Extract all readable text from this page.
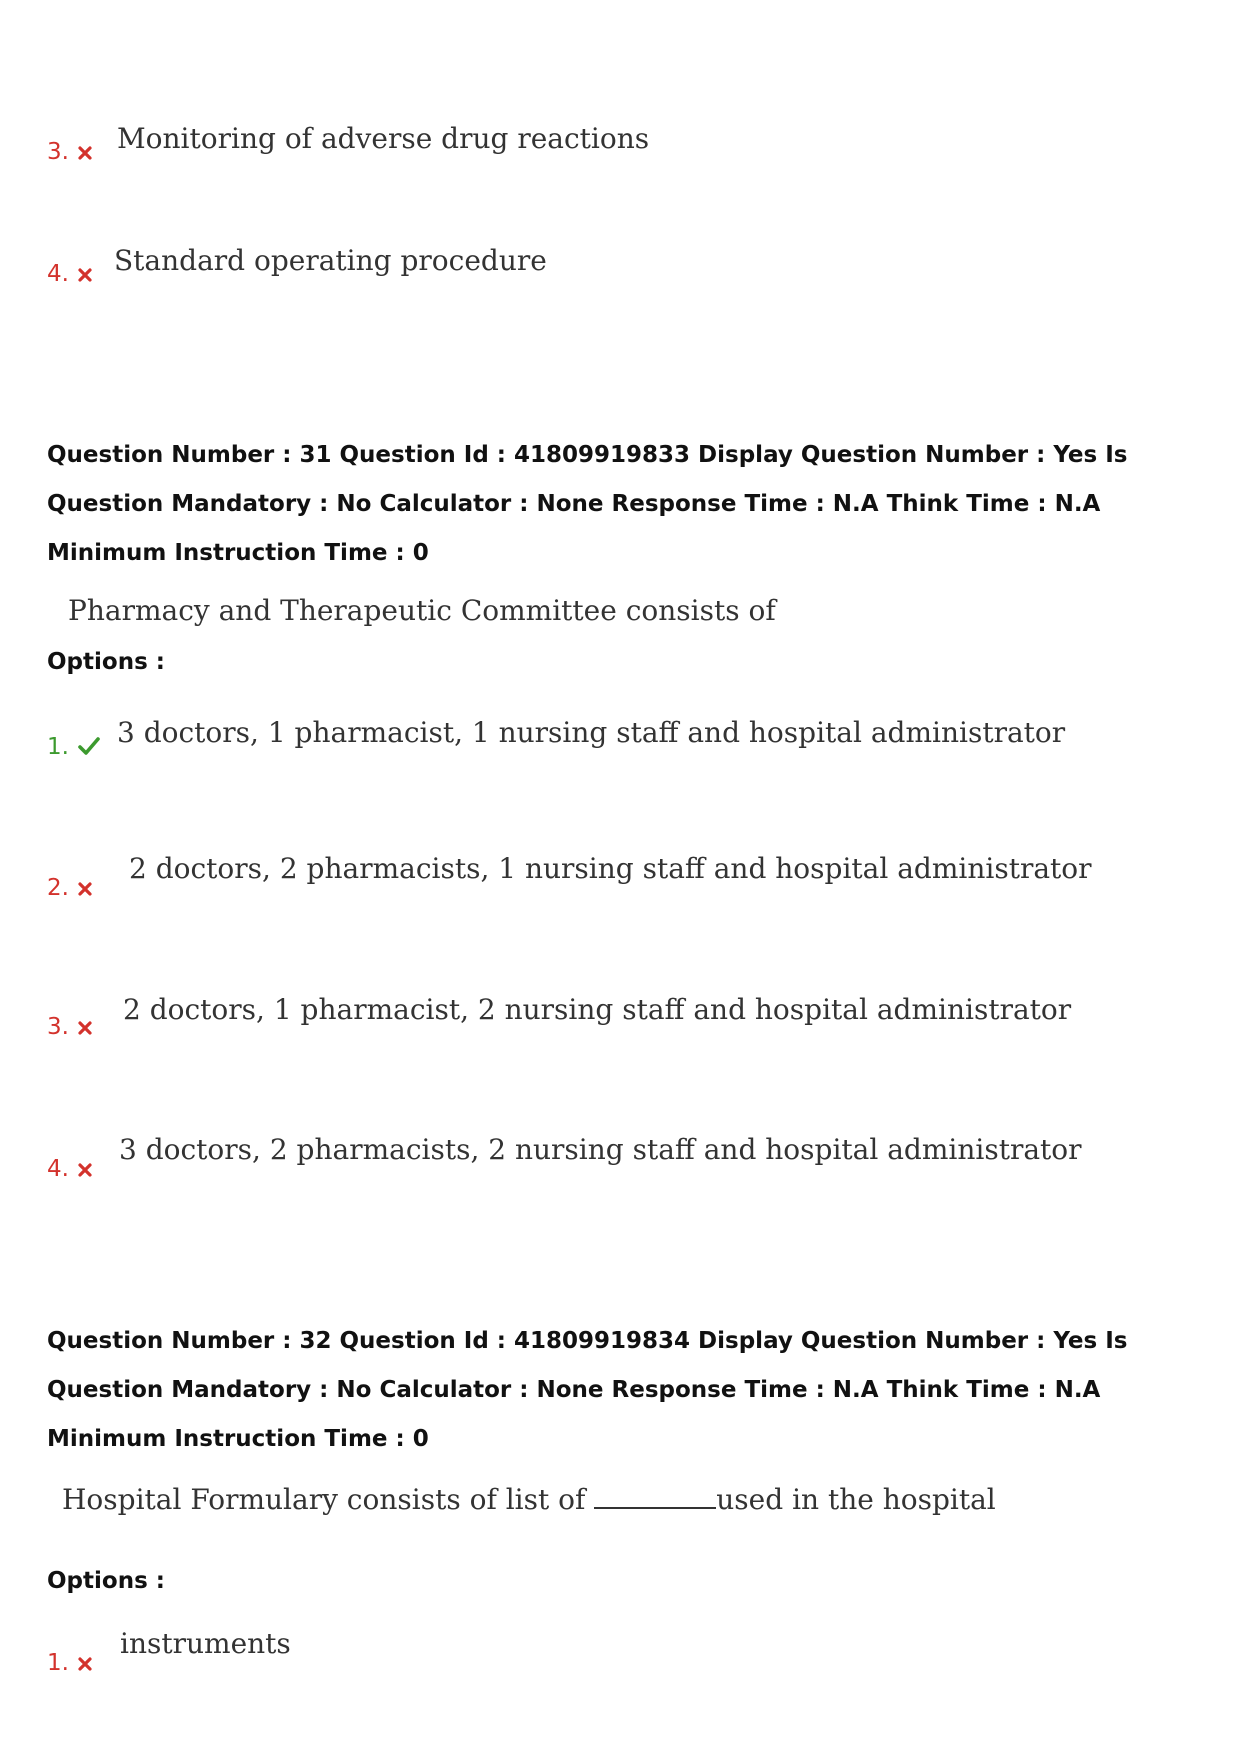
3. Monitoring of adverse drug reactions
4. Standard operating procedure

Question Number : 31 Question Id : 41809919833 Display Question Number : Yes Is Question Mandatory : No Calculator : None Response Time : N.A Think Time : N.A Minimum Instruction Time : 0

Pharmacy and Therapeutic Committee consists of
Options :
1. 3 doctors, 1 pharmacist, 1 nursing staff and hospital administrator
2.
2 doctors, 2 pharmacists, 1 nursing staff and hospital administrator
3.
2 doctors, 1 pharmacist, 2 nursing staff and hospital administrator
4.
3 doctors, 2 pharmacists, 2 nursing staff and hospital administrator

Question Number : 32 Question Id : 41809919834 Display Question Number : Yes Is Question Mandatory : No Calculator : None Response Time : N.A Think Time : N.A Minimum Instruction Time : 0

Hospital Formulary consists of list of	used in the hospital
Options :
1.
instruments
